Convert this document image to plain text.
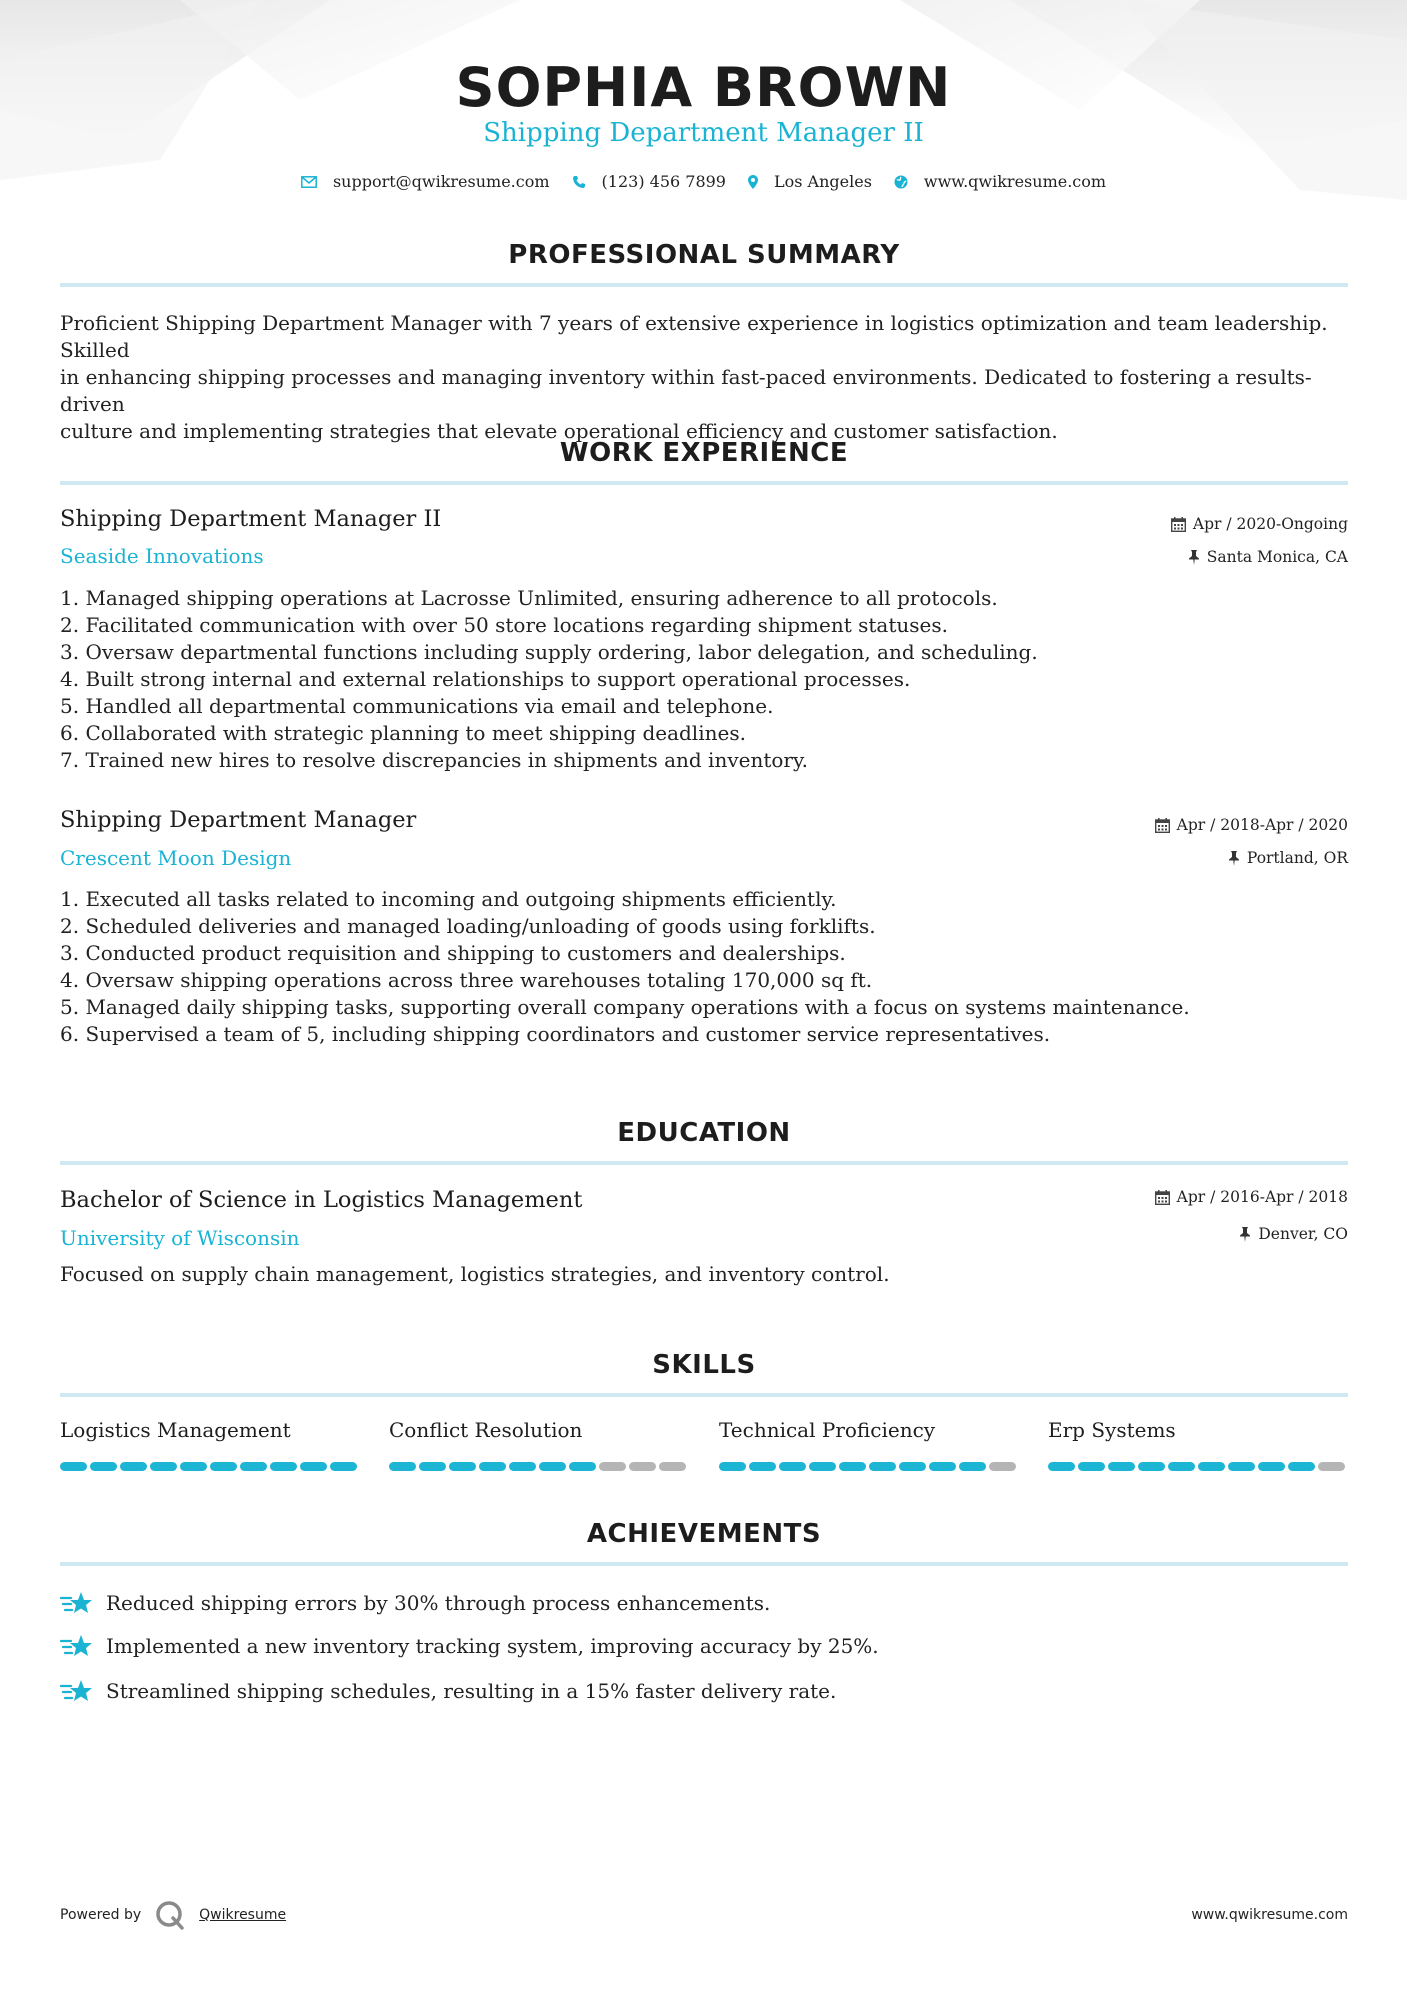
SOPHIA BROWN
Shipping Department Manager II
support@qwikresume.com	(123) 456 7899	Los Angeles	www.qwikresume.com
PROFESSIONAL SUMMARY
Proficient Shipping Department Manager with 7 years of extensive experience in logistics optimization and team leadership. Skilled
in enhancing shipping processes and managing inventory within fast-paced environments. Dedicated to fostering a results-driven
culture and implementing strategies that elevate operational efficiency and customer satisfaction.
WORK EXPERIENCE
Shipping Department Manager II
Seaside Innovations
Apr / 2020-Ongoing
Santa Monica, CA
1. Managed shipping operations at Lacrosse Unlimited, ensuring adherence to all protocols.
2. Facilitated communication with over 50 store locations regarding shipment statuses.
3. Oversaw departmental functions including supply ordering, labor delegation, and scheduling.
4. Built strong internal and external relationships to support operational processes.
5. Handled all departmental communications via email and telephone.
6. Collaborated with strategic planning to meet shipping deadlines.
7. Trained new hires to resolve discrepancies in shipments and inventory.
Shipping Department Manager
Crescent Moon Design
Apr / 2018-Apr / 2020
Portland, OR
1. Executed all tasks related to incoming and outgoing shipments efficiently.
2. Scheduled deliveries and managed loading/unloading of goods using forklifts.
3. Conducted product requisition and shipping to customers and dealerships.
4. Oversaw shipping operations across three warehouses totaling 170,000 sq ft.
5. Managed daily shipping tasks, supporting overall company operations with a focus on systems maintenance.
6. Supervised a team of 5, including shipping coordinators and customer service representatives.
EDUCATION
Bachelor of Science in Logistics Management
University of Wisconsin
Apr / 2016-Apr / 2018
Denver, CO
Focused on supply chain management, logistics strategies, and inventory control.
SKILLS
Logistics Management	Conflict Resolution	Technical Proficiency	Erp Systems
ACHIEVEMENTS
Reduced shipping errors by 30% through process enhancements.
Implemented a new inventory tracking system, improving accuracy by 25%.
Streamlined shipping schedules, resulting in a 15% faster delivery rate.
Powered by	Qwikresume	www.qwikresume.com
